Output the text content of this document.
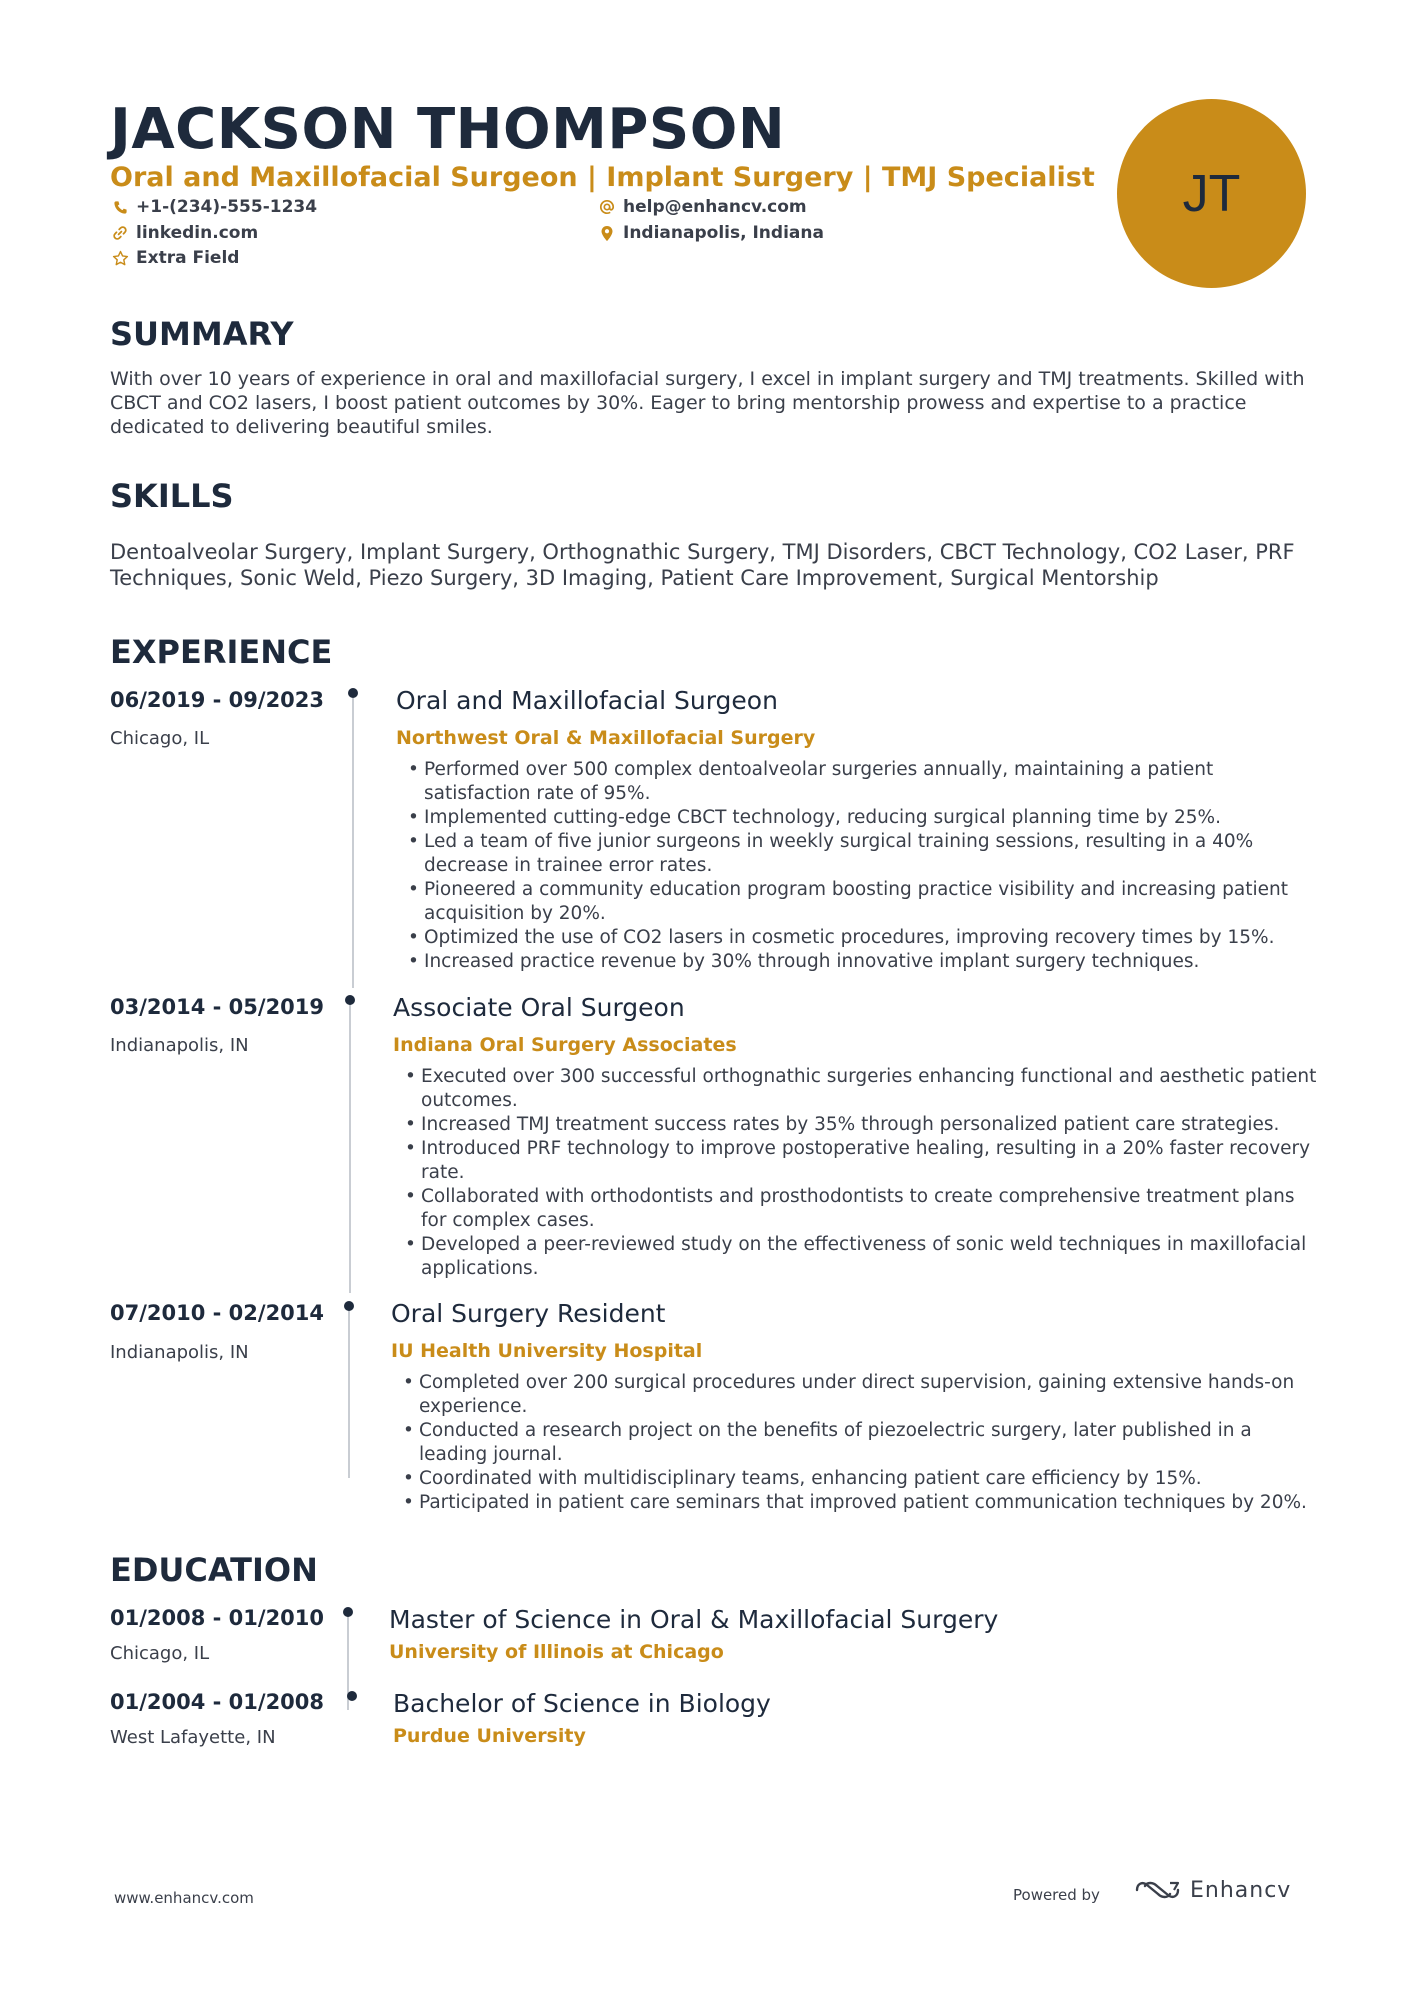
JACKSON THOMPSON
Oral and Maxillofacial Surgeon | Implant Surgery | TMJ Specialist
+1-(234)-555-1234	help@enhancv.com
linkedin.com	Indianapolis, Indiana
Extra Field
JT
SUMMARY
With over 10 years of experience in oral and maxillofacial surgery, I excel in implant surgery and TMJ treatments. Skilled with CBCT and CO2 lasers, I boost patient outcomes by 30%. Eager to bring mentorship prowess and expertise to a practice dedicated to delivering beautiful smiles.
SKILLS
Dentoalveolar Surgery, Implant Surgery, Orthognathic Surgery, TMJ Disorders, CBCT Technology, CO2 Laser, PRF Techniques, Sonic Weld, Piezo Surgery, 3D Imaging, Patient Care Improvement, Surgical Mentorship
EXPERIENCE
06/2019 - 09/2023
Chicago, IL
Oral and Maxillofacial Surgeon
Northwest Oral & Maxillofacial Surgery
• Performed over 500 complex dentoalveolar surgeries annually, maintaining a patient satisfaction rate of 95%.
• Implemented cutting-edge CBCT technology, reducing surgical planning time by 25%.
• Led a team of five junior surgeons in weekly surgical training sessions, resulting in a 40% decrease in trainee error rates.
• Pioneered a community education program boosting practice visibility and increasing patient acquisition by 20%.
• Optimized the use of CO2 lasers in cosmetic procedures, improving recovery times by 15%.
• Increased practice revenue by 30% through innovative implant surgery techniques.
03/2014 - 05/2019
Indianapolis, IN
Associate Oral Surgeon
Indiana Oral Surgery Associates
• Executed over 300 successful orthognathic surgeries enhancing functional and aesthetic patient outcomes.
• Increased TMJ treatment success rates by 35% through personalized patient care strategies.
• Introduced PRF technology to improve postoperative healing, resulting in a 20% faster recovery rate.
• Collaborated with orthodontists and prosthodontists to create comprehensive treatment plans for complex cases.
• Developed a peer-reviewed study on the effectiveness of sonic weld techniques in maxillofacial applications.
07/2010 - 02/2014
Indianapolis, IN
Oral Surgery Resident
IU Health University Hospital
• Completed over 200 surgical procedures under direct supervision, gaining extensive hands-on experience.
• Conducted a research project on the benefits of piezoelectric surgery, later published in a leading journal.
• Coordinated with multidisciplinary teams, enhancing patient care efficiency by 15%.
• Participated in patient care seminars that improved patient communication techniques by 20%.
EDUCATION
01/2008 - 01/2010
Chicago, IL
Master of Science in Oral & Maxillofacial Surgery
University of Illinois at Chicago
01/2004 - 01/2008
West Lafayette, IN
Bachelor of Science in Biology
Purdue University
www.enhancv.com	Powered by	Enhancv
